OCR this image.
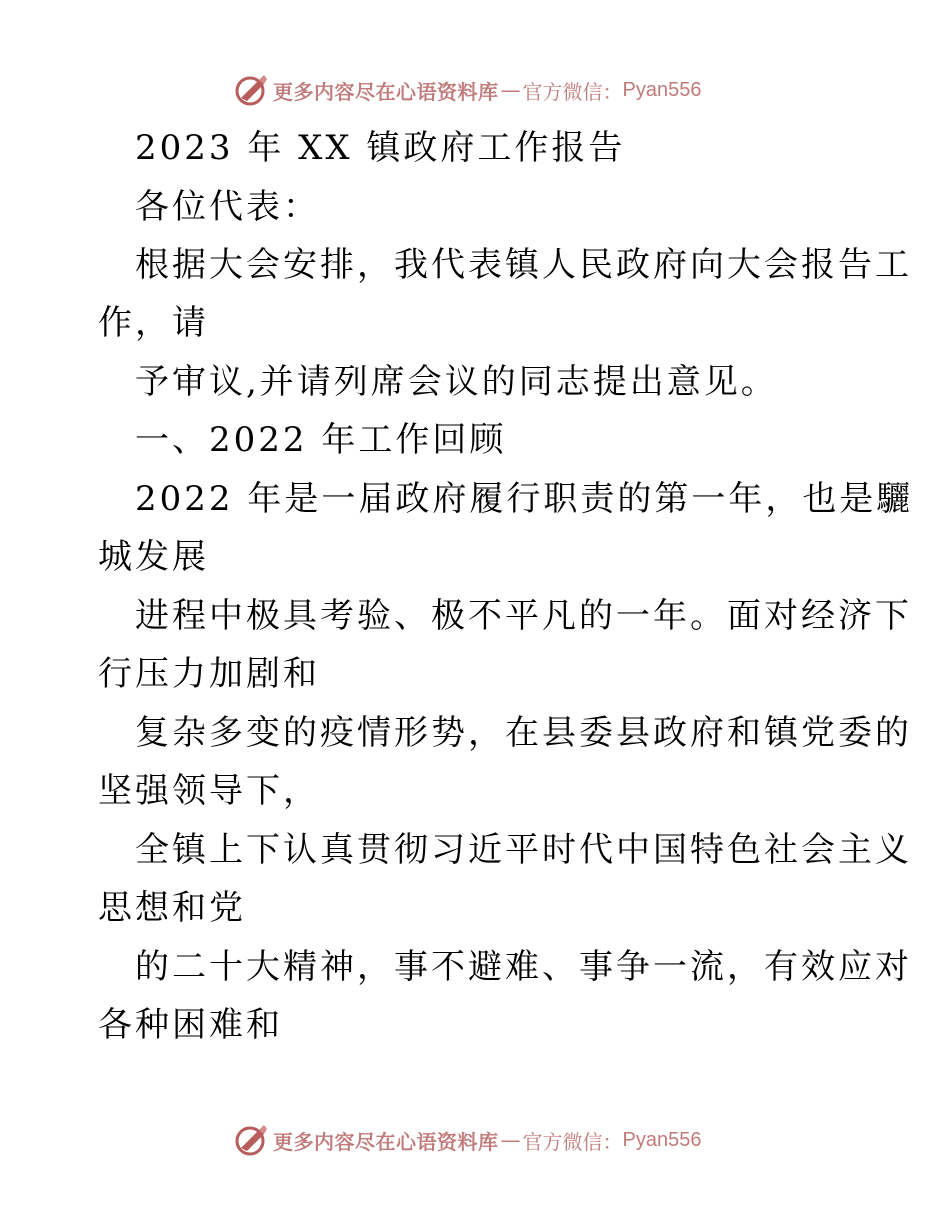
更多内容尽在心语资料库 — 官方微信： Pyan556
2023 年 XX 镇政府工作报告
各位代表：
根据大会安排，我代表镇人民政府向大会报告工
作，请
予审议,并请列席会议的同志提出意见。
一、2022 年工作回顾
2022 年是一届政府履行职责的第一年，也是驪
城发展
进程中极具考验、极不平凡的一年。面对经济下
行压力加剧和
复杂多变的疫情形势，在县委县政府和镇党委的
坚强领导下，
全镇上下认真贯彻习近平时代中国特色社会主义
思想和党
的二十大精神，事不避难、事争一流，有效应对
各种困难和
更多内容尽在心语资料库 — 官方微信： Pyan556
